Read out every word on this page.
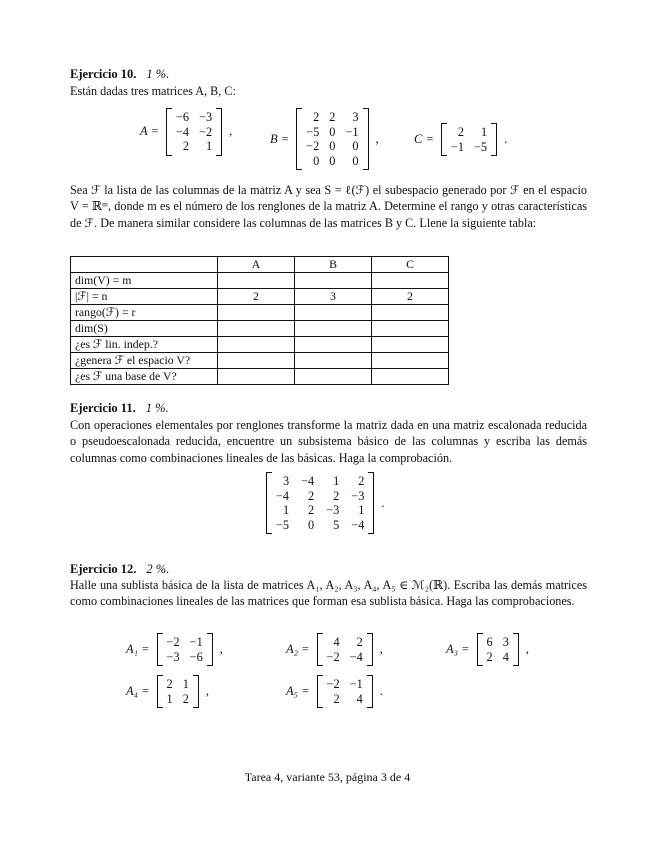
Ejercicio 10. 1 %.
Están dadas tres matrices A, B, C:
A =
−6 −3
−4 −2
2	1
,
B =
2 2	3
−5 0 −1
−2 0	0
0 0	0
,	C =
2	1
−1 −5
.
Sea ℱ la lista de las columnas de la matriz A y sea S = ℓ(ℱ) el subespacio generado por ℱ en el espacio V = ℝᵐ, donde m es el número de los renglones de la matriz A. Determine el rango y otras características de ℱ. De manera similar considere las columnas de las matrices B y C. Llene la siguiente tabla:
	A	B	C
dim(V) = m			
|ℱ| = n	2	3	2
rango(ℱ) = r			
dim(S)			
¿es ℱ lin. indep.?			
¿genera ℱ el espacio V?			
¿es ℱ una base de V?			
Ejercicio 11. 1 %.
Con operaciones elementales por renglones transforme la matriz dada en una matriz escalonada reducida o pseudoescalonada reducida, encuentre un subsistema básico de las columnas y escriba las demás columnas como combinaciones lineales de las básicas. Haga la comprobación.
3 −4	1	2
−4	2	2 −3
1	2 −3	1
−5	0	5 −4
.
Ejercicio 12. 2 %.
Halle una sublista básica de la lista de matrices A₁, A₂, A₃, A₄, A₅ ∈ ℳ₂(ℝ). Escriba las demás matrices como combinaciones lineales de las matrices que forman esa sublista básica. Haga las comprobaciones.
A₁ =
−2 −1
−3 −6
,	A₂ =
4	2
−2 −4
,	A₃ =
6 3
2 4
,
A₄ =
2 1
1 2
,	A₅ =
−2 −1
2	4
.
Tarea 4, variante 53, página 3 de 4
